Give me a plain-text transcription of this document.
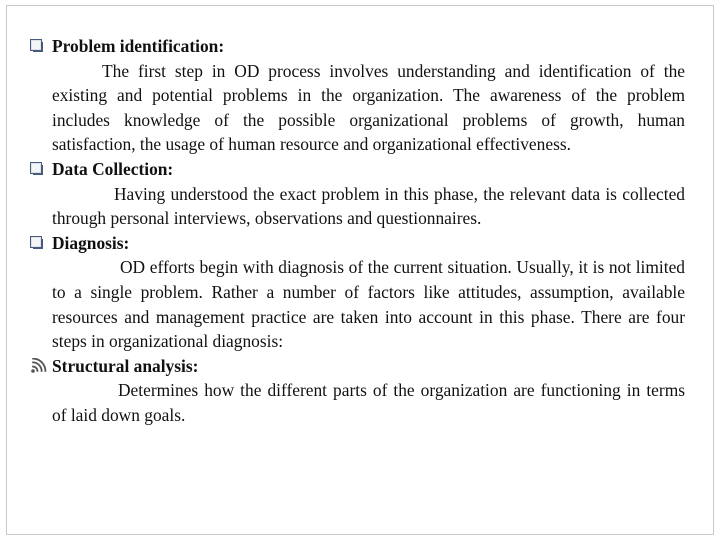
Problem identification:
The first step in OD process involves understanding and identification of the existing and potential problems in the organization. The awareness of the problem includes knowledge of the possible organizational problems of growth, human satisfaction, the usage of human resource and organizational effectiveness.
Data Collection:
Having understood the exact problem in this phase, the relevant data is collected through personal interviews, observations and questionnaires.
Diagnosis:
OD efforts begin with diagnosis of the current situation. Usually, it is not limited to a single problem. Rather a number of factors like attitudes, assumption, available resources and management practice are taken into account in this phase. There are four steps in organizational diagnosis:
Structural analysis:
Determines how the different parts of the organization are functioning in terms of laid down goals.
